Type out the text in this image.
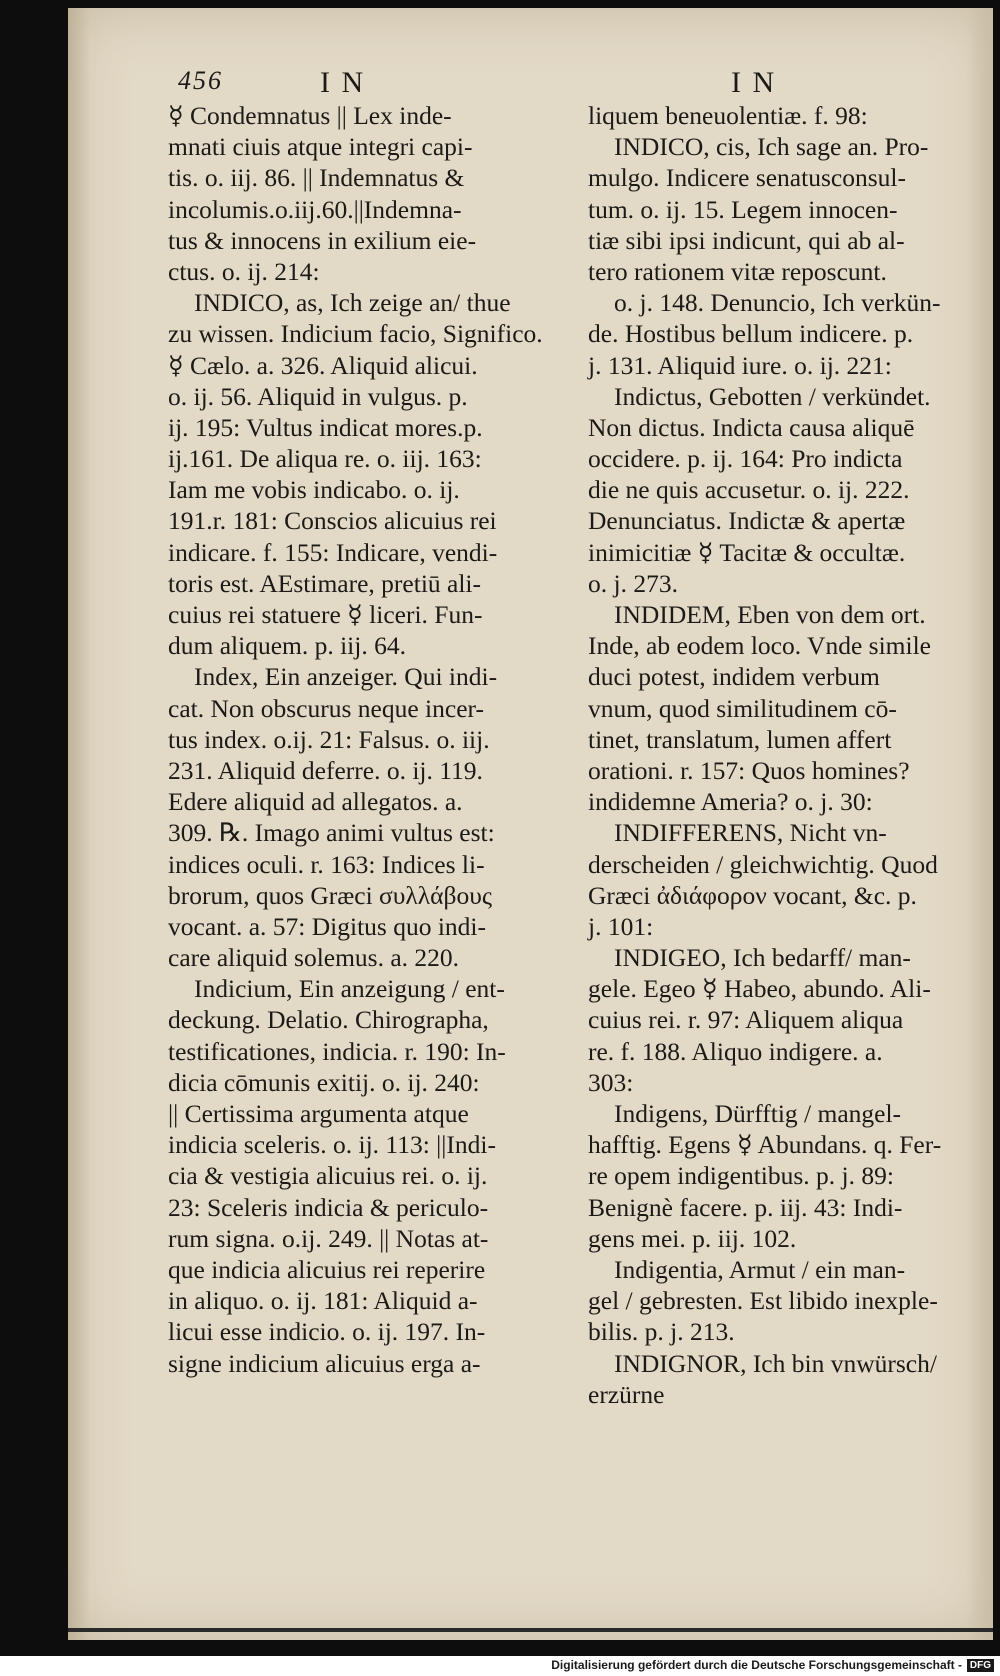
456	I N	I N
☿ Condemnatus || Lex inde-
mnati ciuis atque integri capi-
tis. o. iij. 86. || Indemnatus &
incolumis.o.iij.60.||Indemna-
tus & innocens in exilium eie-
ctus. o. ij. 214:
INDICO, as, Ich zeige an/ thue
zu wissen. Indicium facio, Significo.
☿ Cælo. a. 326. Aliquid alicui.
o. ij. 56. Aliquid in vulgus. p.
ij. 195: Vultus indicat mores.p.
ij.161. De aliqua re. o. iij. 163:
Iam me vobis indicabo. o. ij.
191.r. 181: Conscios alicuius rei
indicare. f. 155: Indicare, vendi-
toris est. AEstimare, pretiū ali-
cuius rei statuere ☿ liceri. Fun-
dum aliquem. p. iij. 64.
Index, Ein anzeiger. Qui indi-
cat. Non obscurus neque incer-
tus index. o.ij. 21: Falsus. o. iij.
231. Aliquid deferre. o. ij. 119.
Edere aliquid ad allegatos. a.
309. ℞. Imago animi vultus est:
indices oculi. r. 163: Indices li-
brorum, quos Græci συλλάβους
vocant. a. 57: Digitus quo indi-
care aliquid solemus. a. 220.
Indicium, Ein anzeigung / ent-
deckung. Delatio. Chirographa,
testificationes, indicia. r. 190: In-
dicia cōmunis exitij. o. ij. 240:
|| Certissima argumenta atque
indicia sceleris. o. ij. 113: ||Indi-
cia & vestigia alicuius rei. o. ij.
23: Sceleris indicia & periculo-
rum signa. o.ij. 249. || Notas at-
que indicia alicuius rei reperire
in aliquo. o. ij. 181: Aliquid a-
licui esse indicio. o. ij. 197. In-
signe indicium alicuius erga a-
liquem beneuolentiæ. f. 98:
INDICO, cis, Ich sage an. Pro-
mulgo. Indicere senatusconsul-
tum. o. ij. 15. Legem innocen-
tiæ sibi ipsi indicunt, qui ab al-
tero rationem vitæ reposcunt.
o. j. 148. Denuncio, Ich verkün-
de. Hostibus bellum indicere. p.
j. 131. Aliquid iure. o. ij. 221:
Indictus, Gebotten / verkündet.
Non dictus. Indicta causa aliquē
occidere. p. ij. 164: Pro indicta
die ne quis accusetur. o. ij. 222.
Denunciatus. Indictæ & apertæ
inimicitiæ ☿ Tacitæ & occultæ.
o. j. 273.
INDIDEM, Eben von dem ort.
Inde, ab eodem loco. Vnde simile
duci potest, indidem verbum
vnum, quod similitudinem cō-
tinet, translatum, lumen affert
orationi. r. 157: Quos homines?
indidemne Ameria? o. j. 30:
INDIFFERENS, Nicht vn-
derscheiden / gleichwichtig. Quod
Græci ἀδιάφορον vocant, &c. p.
j. 101:
INDIGEO, Ich bedarff/ man-
gele. Egeo ☿ Habeo, abundo. Ali-
cuius rei. r. 97: Aliquem aliqua
re. f. 188. Aliquo indigere. a.
303:
Indigens, Dürfftig / mangel-
hafftig. Egens ☿ Abundans. q. Fer-
re opem indigentibus. p. j. 89:
Benignè facere. p. iij. 43: Indi-
gens mei. p. iij. 102.
Indigentia, Armut / ein man-
gel / gebresten. Est libido inexple-
bilis. p. j. 213.
INDIGNOR, Ich bin vnwürsch/
erzürne
Digitalisierung gefördert durch die Deutsche Forschungsgemeinschaft - DFG
